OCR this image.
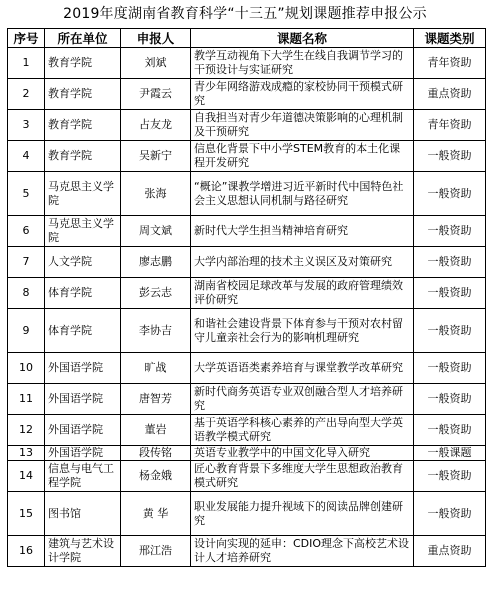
2019年度湖南省教育科学“十三五”规划课题推荐申报公示
序号	所在单位	申报人	课题名称	课题类别
1	教育学院	刘斌	教学互动视角下大学生在线自我调节学习的干预设计与实证研究	青年资助
2	教育学院	尹霞云	青少年网络游戏成瘾的家校协同干预模式研究	重点资助
3	教育学院	占友龙	自我担当对青少年道德决策影响的心理机制及干预研究	青年资助
4	教育学院	吴新宁	信息化背景下中小学STEM教育的本土化课程开发研究	一般资助
5	马克思主义学院	张海	“概论”课教学增进习近平新时代中国特色社会主义思想认同机制与路径研究	一般资助
6	马克思主义学院	周文斌	新时代大学生担当精神培育研究	一般资助
7	人文学院	廖志鹏	大学内部治理的技术主义误区及对策研究	一般资助
8	体育学院	彭云志	湖南省校园足球改革与发展的政府管理绩效评价研究	一般资助
9	体育学院	李协吉	和谐社会建设背景下体育参与干预对农村留守儿童亲社会行为的影响机理研究	一般资助
10	外国语学院	旷战	大学英语语类素养培育与课堂教学改革研究	一般资助
11	外国语学院	唐智芳	新时代商务英语专业双创融合型人才培养研究	一般资助
12	外国语学院	董岩	基于英语学科核心素养的产出导向型大学英语教学模式研究	一般资助
13	外国语学院	段传铭	英语专业教学中的中国文化导入研究	一般课题
14	信息与电气工程学院	杨金娥	匠心教育背景下多维度大学生思想政治教育模式研究	一般资助
15	图书馆	黄 华	职业发展能力提升视域下的阅读品牌创建研究	一般资助
16	建筑与艺术设计学院	邢江浩	设计向实现的延申：CDIO理念下高校艺术设计人才培养研究	重点资助
